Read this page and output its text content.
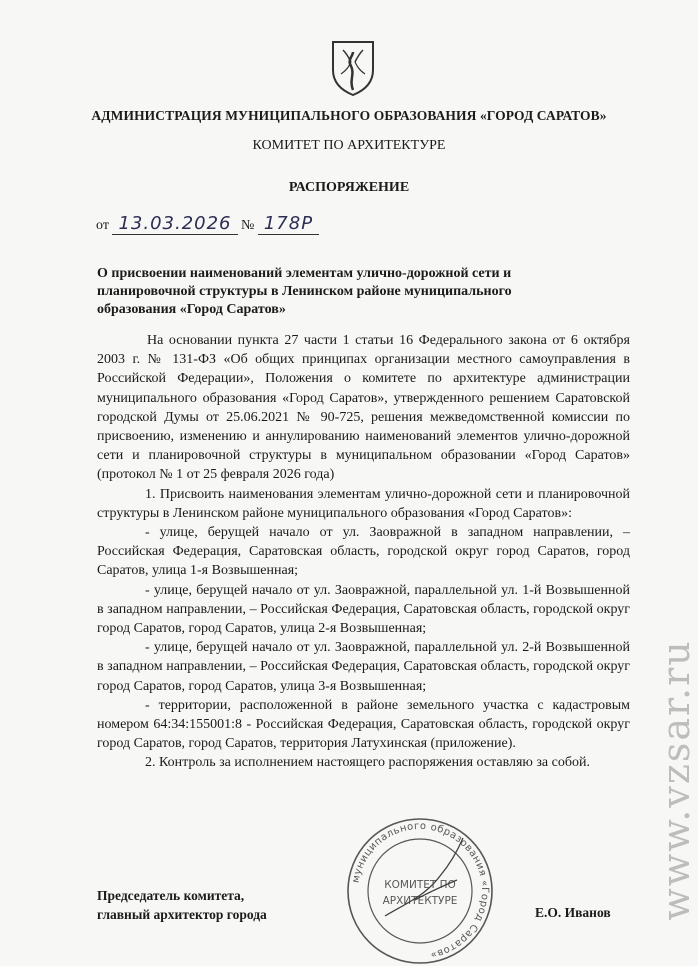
АДМИНИСТРАЦИЯ МУНИЦИПАЛЬНОГО ОБРАЗОВАНИЯ «ГОРОД САРАТОВ»
КОМИТЕТ ПО АРХИТЕКТУРЕ
РАСПОРЯЖЕНИЕ
от 13.03.2026 № 178Р
О присвоении наименований элементам улично-дорожной сети и
планировочной структуры в Ленинском районе муниципального
образования «Город Саратов»

На основании пункта 27 части 1 статьи 16 Федерального закона от 6 октября 2003 г. № 131-ФЗ «Об общих принципах организации местного самоуправления в Российской Федерации», Положения о комитете по архитектуре администрации муниципального образования «Город Саратов», утвержденного решением Саратовской городской Думы от 25.06.2021 № 90-725, решения межведомственной комиссии по присвоению, изменению и аннулированию наименований элементов улично-дорожной сети и планировочной структуры в муниципальном образовании «Город Саратов» (протокол № 1 от 25 февраля 2026 года)

1. Присвоить наименования элементам улично-дорожной сети и планировочной структуры в Ленинском районе муниципального образования «Город Саратов»:

- улице, берущей начало от ул. Заовражной в западном направлении, – Российская Федерация, Саратовская область, городской округ город Саратов, город Саратов, улица 1-я Возвышенная;

- улице, берущей начало от ул. Заовражной, параллельной ул. 1-й Возвышенной в западном направлении, – Российская Федерация, Саратовская область, городской округ город Саратов, город Саратов, улица 2-я Возвышенная;

- улице, берущей начало от ул. Заовражной, параллельной ул. 2-й Возвышенной в западном направлении, – Российская Федерация, Саратовская область, городской округ город Саратов, город Саратов, улица 3-я Возвышенная;

- территории, расположенной в районе земельного участка с кадастровым номером 64:34:155001:8 - Российская Федерация, Саратовская область, городской округ город Саратов, город Саратов, территория Латухинская (приложение).

2. Контроль за исполнением настоящего распоряжения оставляю за собой.

Председатель комитета,
главный архитектор города	Е.О. Иванов
муниципального образования «Город Саратов»
КОМИТЕТ ПО
АРХИТЕКТУРЕ	www.vzsar.ru
